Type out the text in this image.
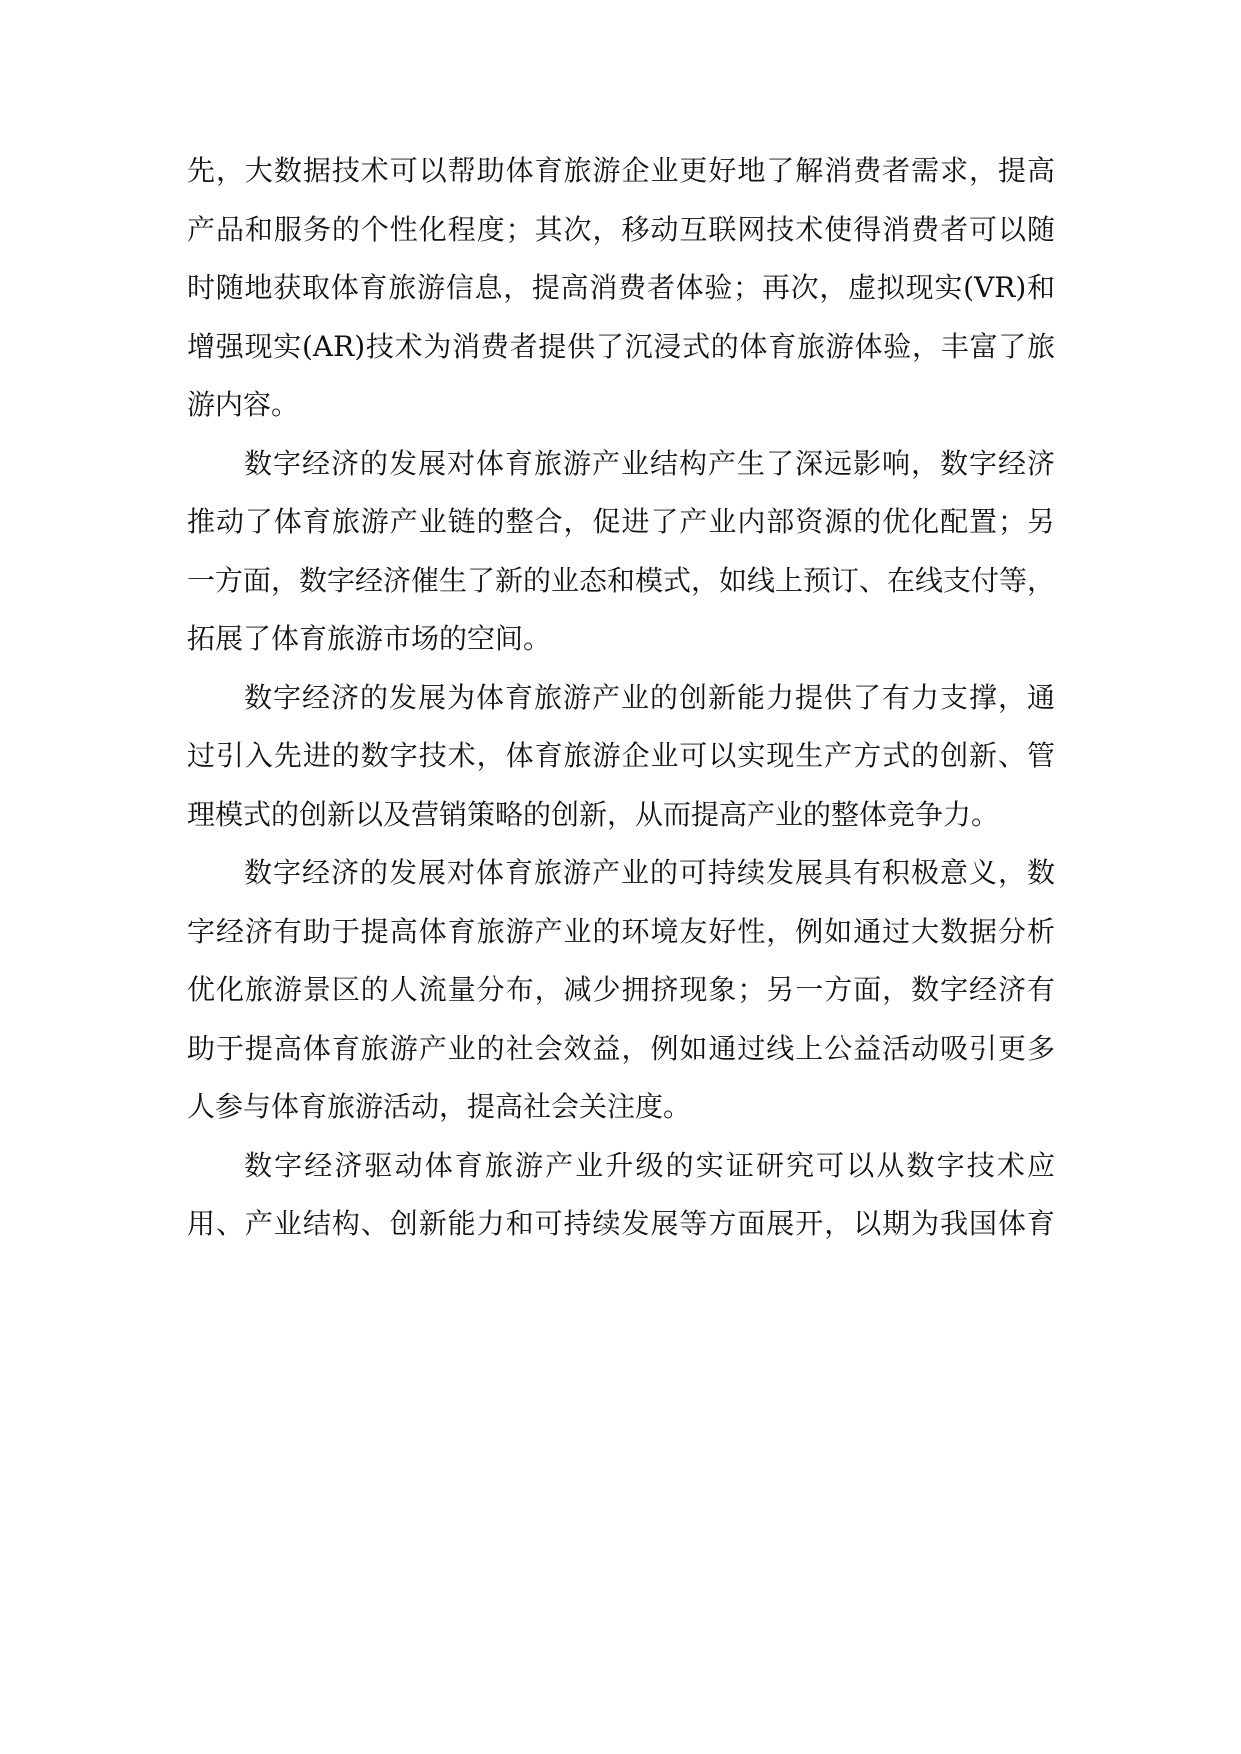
先，大数据技术可以帮助体育旅游企业更好地了解消费者需求，提高
产品和服务的个性化程度；其次，移动互联网技术使得消费者可以随
时随地获取体育旅游信息，提高消费者体验；再次，虚拟现实(VR)和
增强现实(AR)技术为消费者提供了沉浸式的体育旅游体验，丰富了旅
游内容。

数字经济的发展对体育旅游产业结构产生了深远影响，数字经济
推动了体育旅游产业链的整合，促进了产业内部资源的优化配置；另
一方面，数字经济催生了新的业态和模式，如线上预订、在线支付等，
拓展了体育旅游市场的空间。

数字经济的发展为体育旅游产业的创新能力提供了有力支撑，通
过引入先进的数字技术，体育旅游企业可以实现生产方式的创新、管
理模式的创新以及营销策略的创新，从而提高产业的整体竞争力。

数字经济的发展对体育旅游产业的可持续发展具有积极意义，数
字经济有助于提高体育旅游产业的环境友好性，例如通过大数据分析
优化旅游景区的人流量分布，减少拥挤现象；另一方面，数字经济有
助于提高体育旅游产业的社会效益，例如通过线上公益活动吸引更多
人参与体育旅游活动，提高社会关注度。

数字经济驱动体育旅游产业升级的实证研究可以从数字技术应
用、产业结构、创新能力和可持续发展等方面展开，以期为我国体育
